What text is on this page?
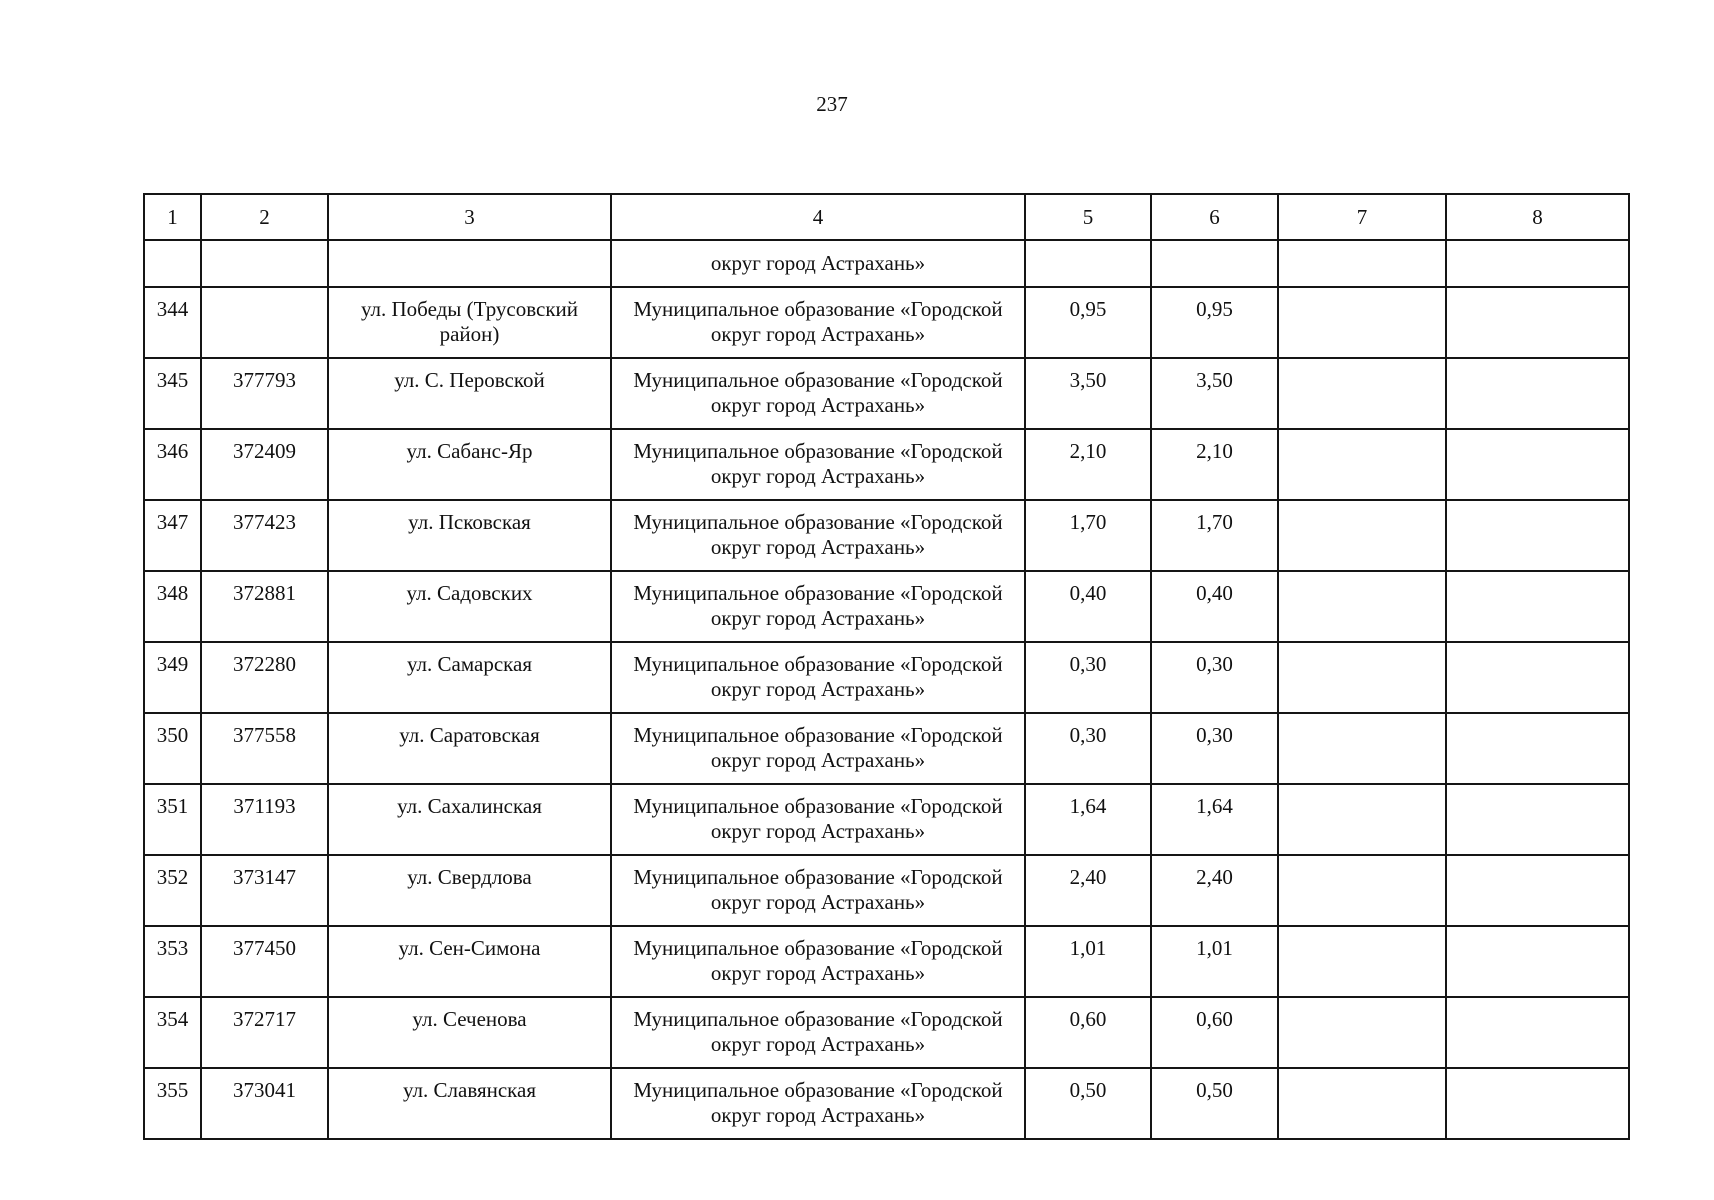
237
1	2	3	4	5	6	7	8
			округ город Астрахань»				
344		ул. Победы (Трусовский район)	Муниципальное образование «Городской округ город Астрахань»	0,95	0,95		
345	377793	ул. С. Перовской	Муниципальное образование «Городской округ город Астрахань»	3,50	3,50		
346	372409	ул. Сабанс-Яр	Муниципальное образование «Городской округ город Астрахань»	2,10	2,10		
347	377423	ул. Псковская	Муниципальное образование «Городской округ город Астрахань»	1,70	1,70		
348	372881	ул. Садовских	Муниципальное образование «Городской округ город Астрахань»	0,40	0,40		
349	372280	ул. Самарская	Муниципальное образование «Городской округ город Астрахань»	0,30	0,30		
350	377558	ул. Саратовская	Муниципальное образование «Городской округ город Астрахань»	0,30	0,30		
351	371193	ул. Сахалинская	Муниципальное образование «Городской округ город Астрахань»	1,64	1,64		
352	373147	ул. Свердлова	Муниципальное образование «Городской округ город Астрахань»	2,40	2,40		
353	377450	ул. Сен-Симона	Муниципальное образование «Городской округ город Астрахань»	1,01	1,01		
354	372717	ул. Сеченова	Муниципальное образование «Городской округ город Астрахань»	0,60	0,60		
355	373041	ул. Славянская	Муниципальное образование «Городской округ город Астрахань»	0,50	0,50		
